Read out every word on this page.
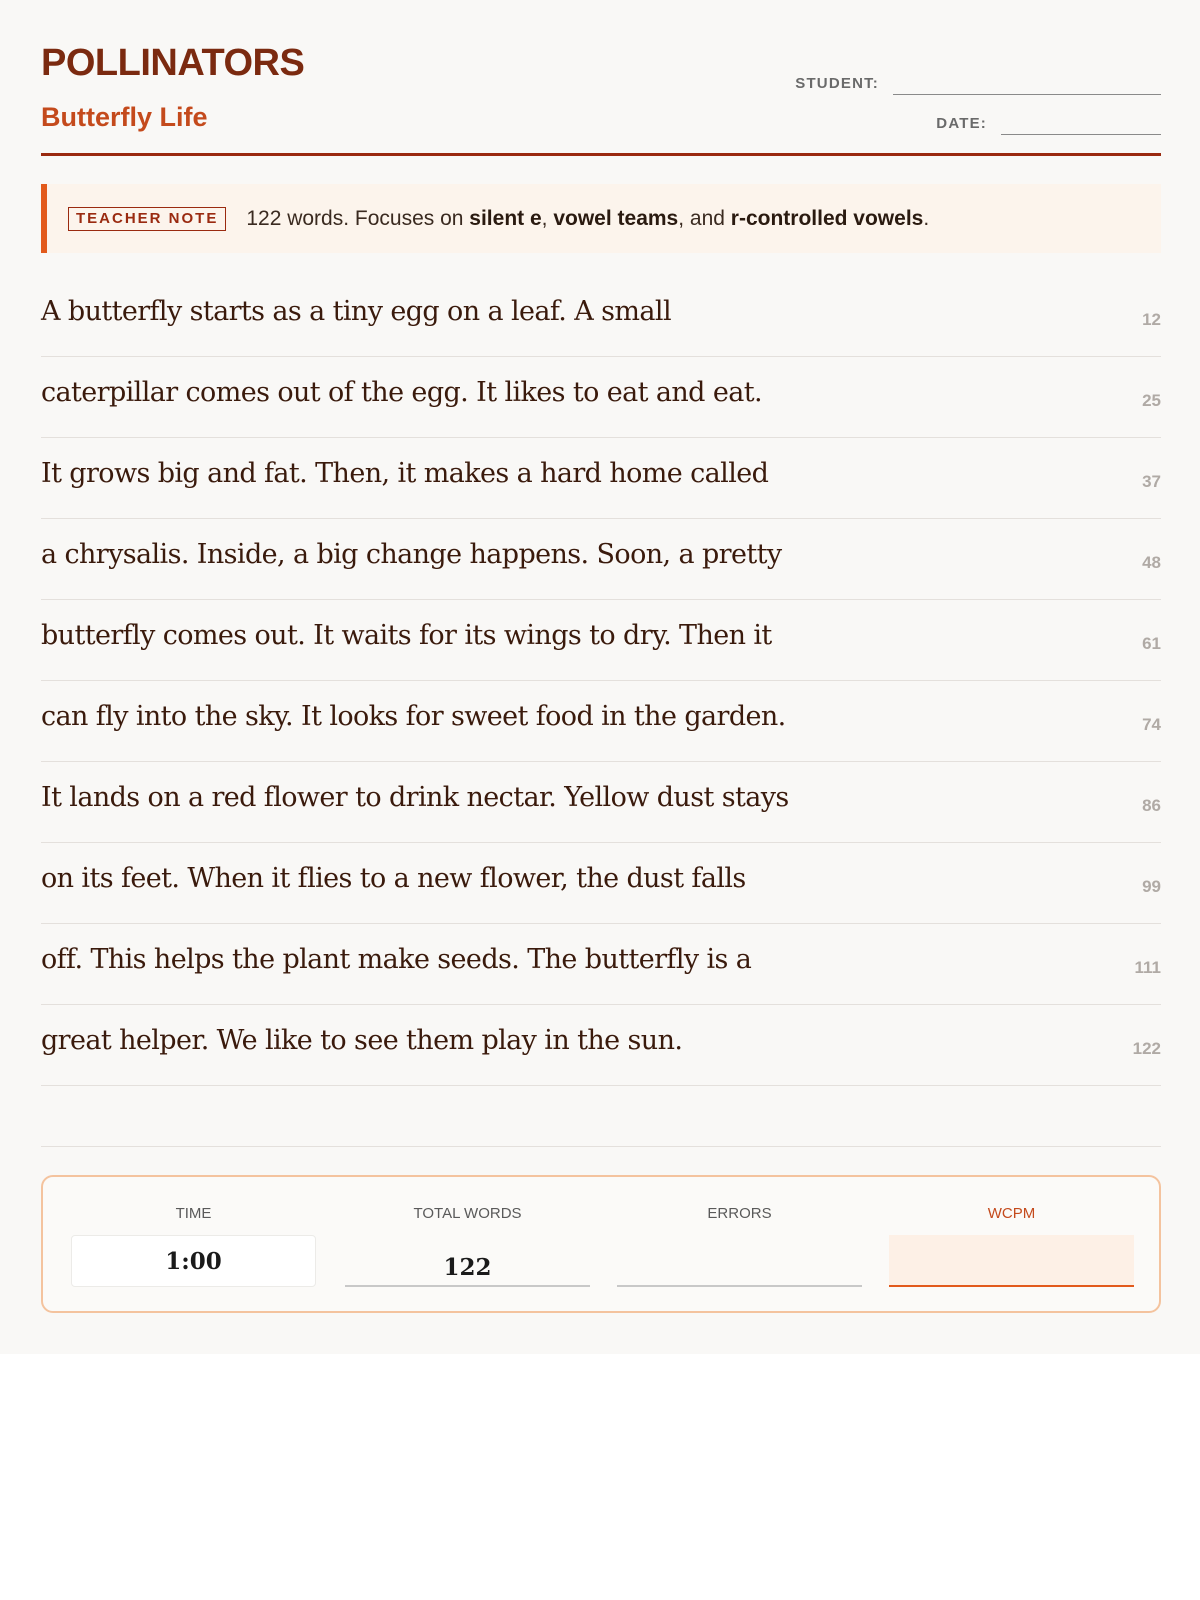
POLLINATORS
Butterfly Life
STUDENT:
DATE:
TEACHER NOTE	122 words. Focuses on silent e, vowel teams, and r-controlled vowels.
A butterfly starts as a tiny egg on a leaf. A small	12
caterpillar comes out of the egg. It likes to eat and eat.	25
It grows big and fat. Then, it makes a hard home called	37
a chrysalis. Inside, a big change happens. Soon, a pretty	48
butterfly comes out. It waits for its wings to dry. Then it	61
can fly into the sky. It looks for sweet food in the garden.	74
It lands on a red flower to drink nectar. Yellow dust stays	86
on its feet. When it flies to a new flower, the dust falls	99
off. This helps the plant make seeds. The butterfly is a	111
great helper. We like to see them play in the sun.	122
TIME
1:00
TOTAL WORDS
122
ERRORS	WCPM
